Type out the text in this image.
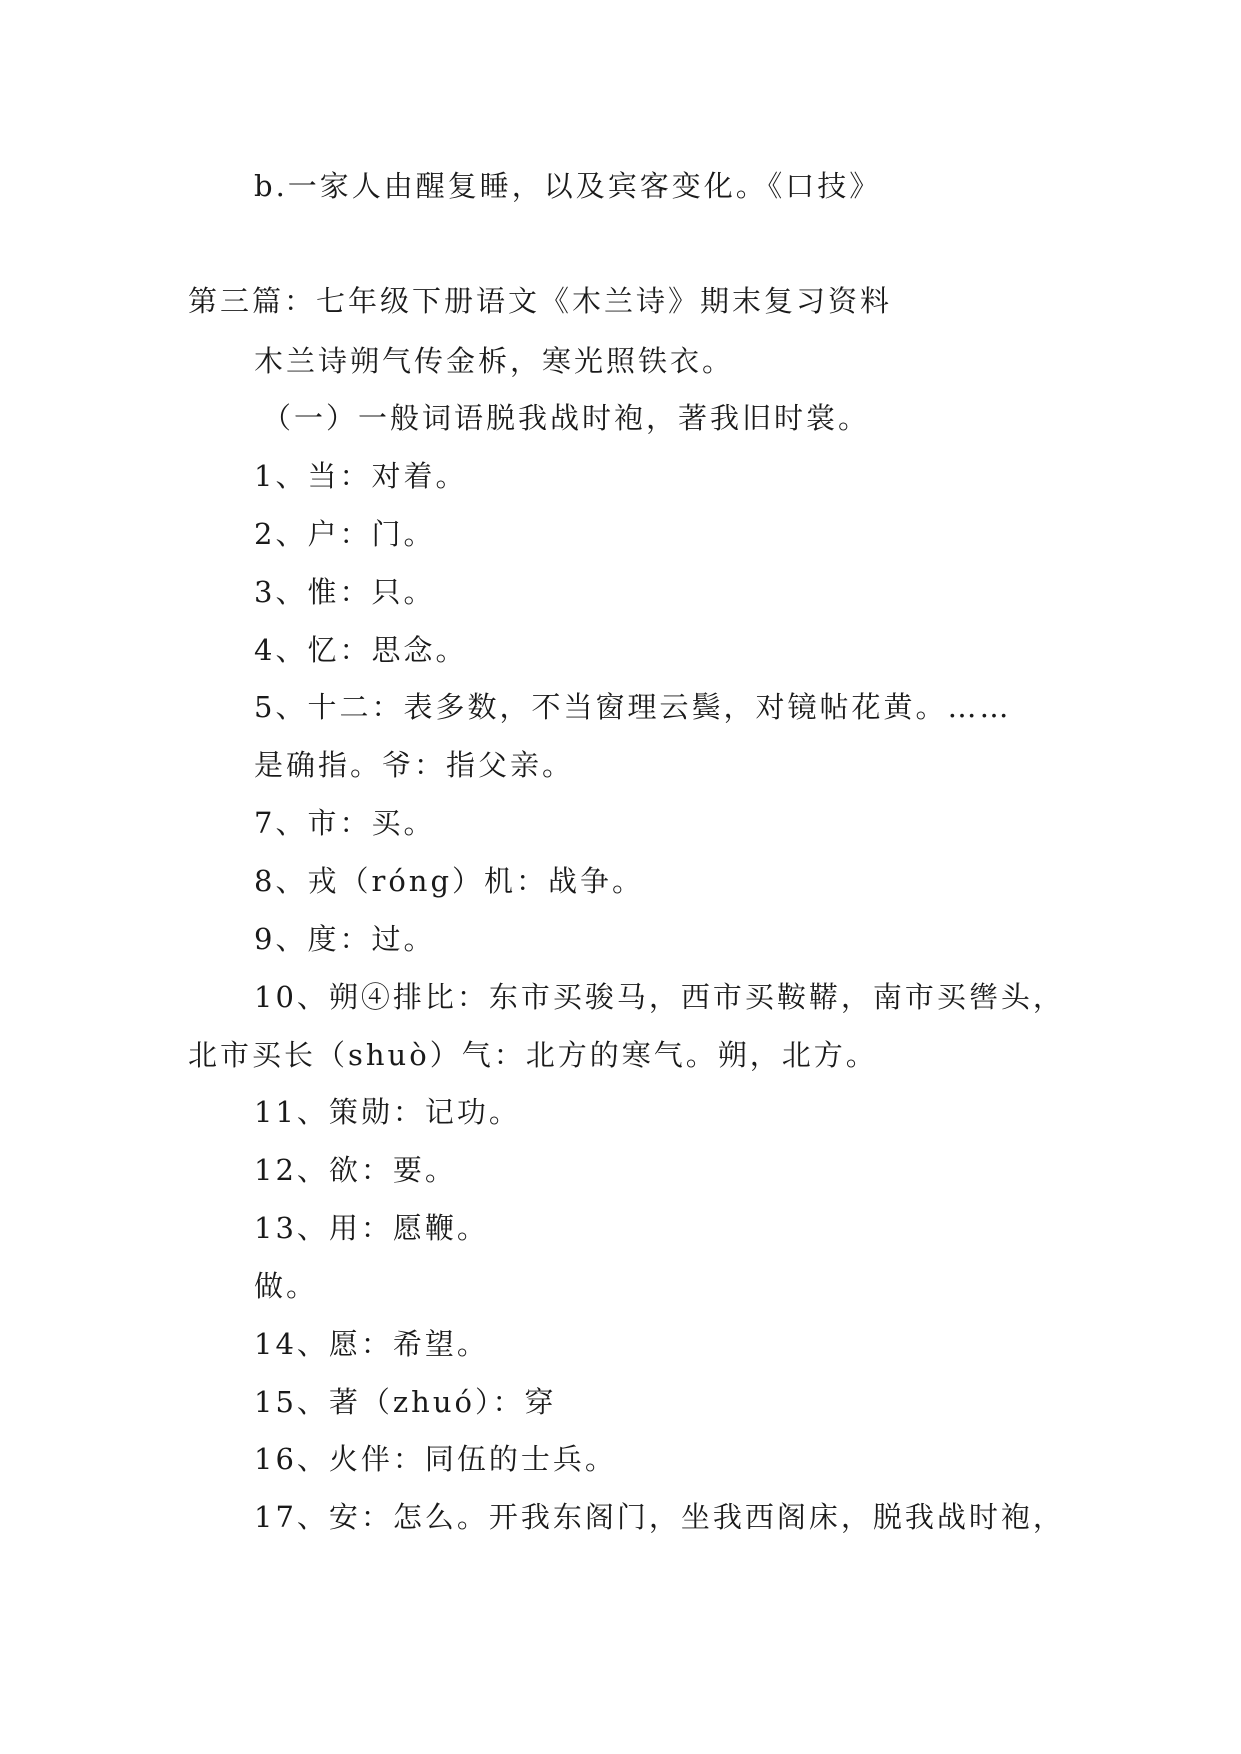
b.一家人由醒复睡，以及宾客变化。《口技》
第三篇：七年级下册语文《木兰诗》期末复习资料
木兰诗朔气传金柝，寒光照铁衣。
（一）一般词语脱我战时袍，著我旧时裳。
1、当：对着。
2、户：门。
3、惟：只。
4、忆：思念。
5、十二：表多数，不当窗理云鬓，对镜帖花黄。……
是确指。爷：指父亲。
7、市：买。
8、戎（róng）机：战争。
9、度：过。
10、朔④排比：东市买骏马，西市买鞍鞯，南市买辔头，
北市买长（shuò）气：北方的寒气。朔，北方。
11、策勋：记功。
12、欲：要。
13、用：愿鞭。
做。
14、愿：希望。
15、著（zhuó）：穿
16、火伴：同伍的士兵。
17、安：怎么。开我东阁门，坐我西阁床，脱我战时袍，
